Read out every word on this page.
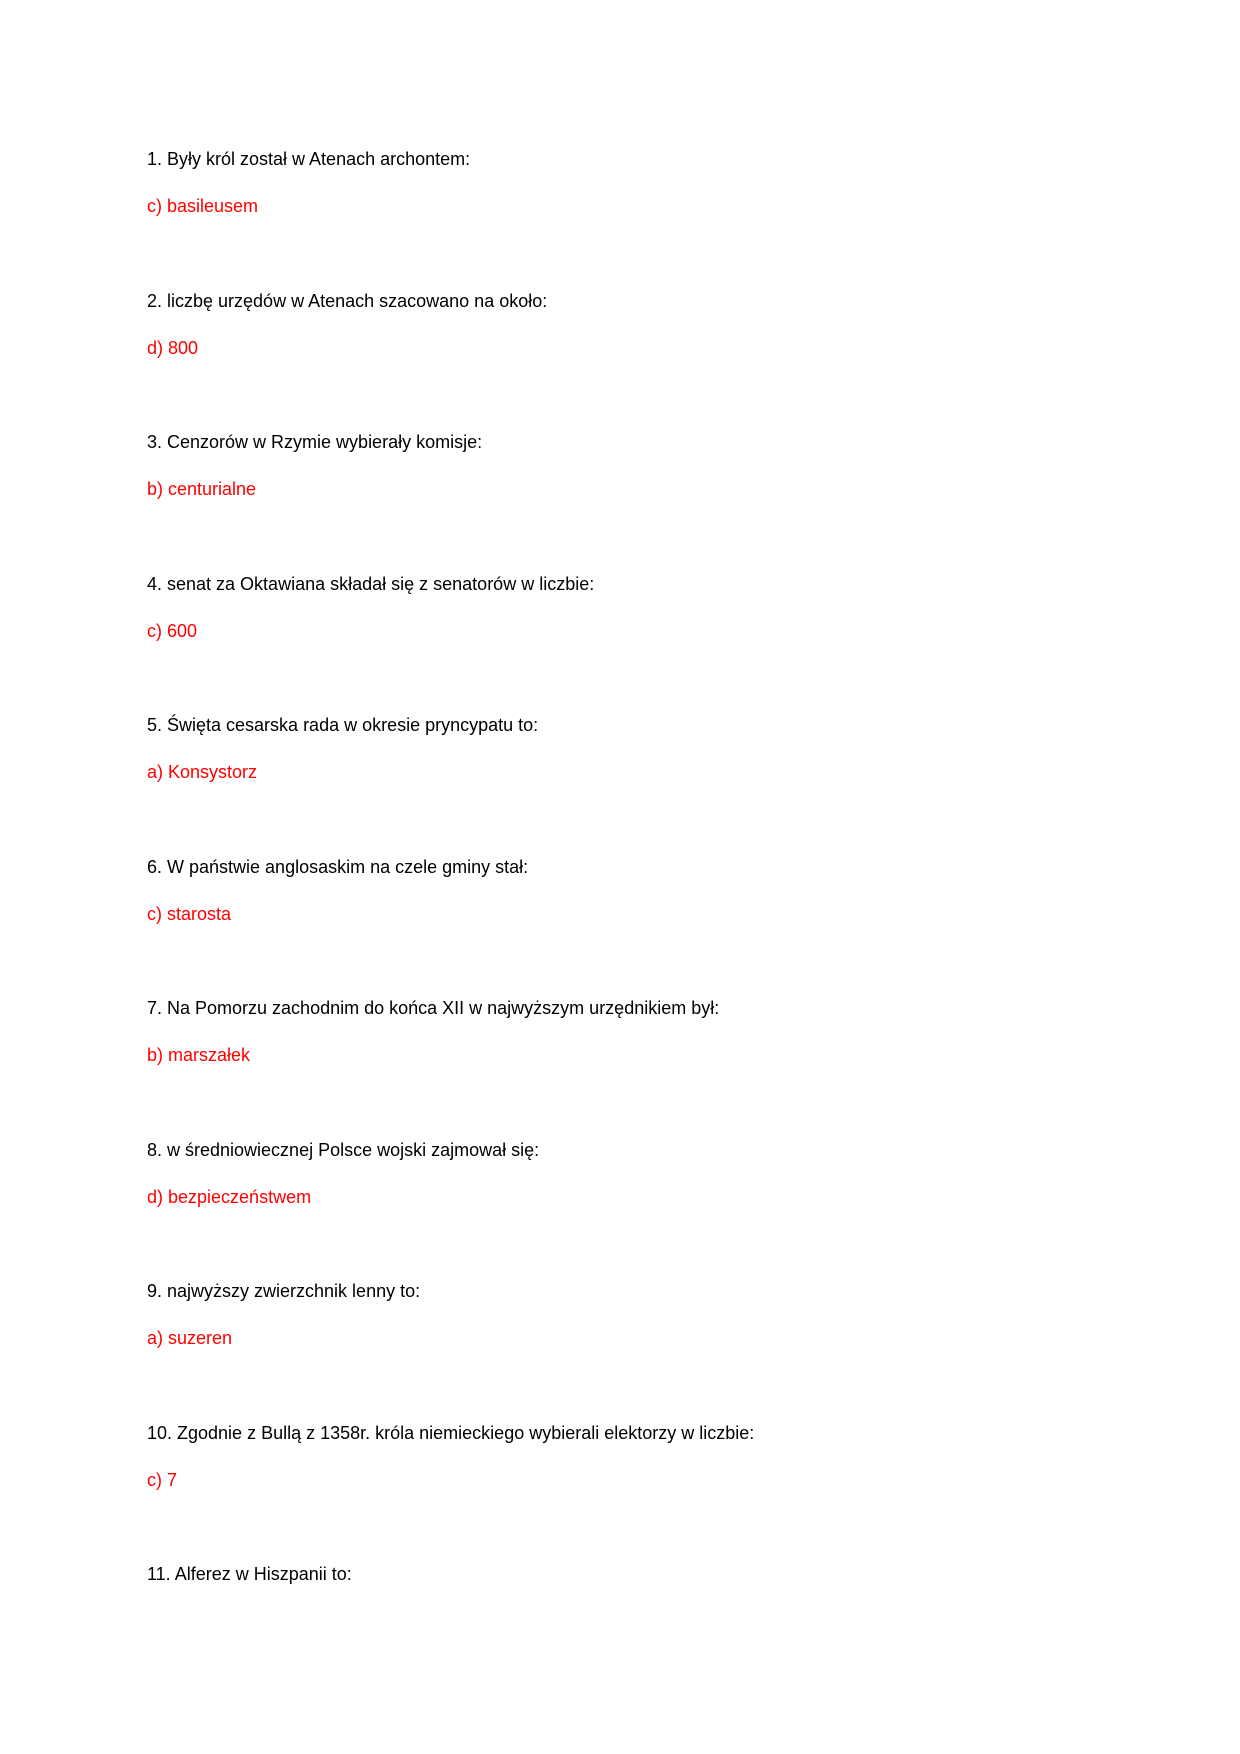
1. Były król został w Atenach archontem:
c) basileusem
2. liczbę urzędów w Atenach szacowano na około:
d) 800
3. Cenzorów w Rzymie wybierały komisje:
b) centurialne
4. senat za Oktawiana składał się z senatorów w liczbie:
c) 600
5. Święta cesarska rada w okresie pryncypatu to:
a) Konsystorz
6. W państwie anglosaskim na czele gminy stał:
c) starosta
7. Na Pomorzu zachodnim do końca XII w najwyższym urzędnikiem był:
b) marszałek
8. w średniowiecznej Polsce wojski zajmował się:
d) bezpieczeństwem
9. najwyższy zwierzchnik lenny to:
a) suzeren
10. Zgodnie z Bullą z 1358r. króla niemieckiego wybierali elektorzy w liczbie:
c) 7
11. Alferez w Hiszpanii to:
